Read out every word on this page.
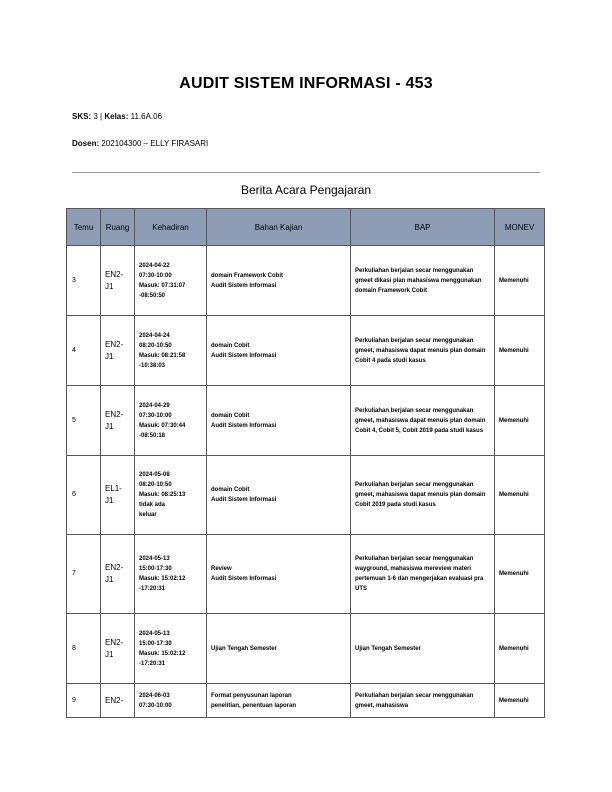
AUDIT SISTEM INFORMASI - 453
SKS: 3 | Kelas: 11.6A.06
Dosen: 202104300 – ELLY FIRASARI
Berita Acara Pengajaran
Temu	Ruang	Kehadiran	Bahan Kajian	BAP	MONEV
3	EN2-J1	2024-04-22
07:30-10:00
Masuk: 07:31:07
-08:50:50	domain Framework Cobit
Audit Sistem Informasi	Perkuliahan berjalan secar menggunakan gmeet dikasi plan mahasiswa menggunakan domain Framework Cobit	Memenuhi
4	EN2-J1	2024-04-24
08:20-10:50
Masuk: 08:21:58
-10:38:03	domain Cobit
Audit Sistem Informasi	Perkuliahan berjalan secar menggunakan gmeet, mahasiswa dapat menuis plan domain Cobit 4 pada studi kasus	Memenuhi
5	EN2-J1	2024-04-29
07:30-10:00
Masuk: 07:30:44
-08:50:18	domain Cobit
Audit Sistem Informasi	Perkuliahan berjalan secar menggunakan gmeet, mahasiswa dapat menuis plan domain Cobit 4, Cobit 5, Cobit 2019 pada studi kasus	Memenuhi
6	EL1-J1	2024-05-08
08:20-10:50
Masuk: 08:25:13
tidak ada
keluar	domain Cobit
Audit Sistem Informasi	Perkuliahan berjalan secar menggunakan gmeet, mahasiswa dapat menuis plan domain Cobit 2019 pada studi kasus	Memenuhi
7	EN2-J1	2024-05-13
15:00-17:30
Masuk: 15:02:12
-17:20:31	Review
Audit Sistem Informasi	Perkuliahan berjalan secar menggunakan wayground, mahasiswa mereview materi pertemuan 1-6 dan mengerjakan evaluasi pra UTS	Memenuhi
8	EN2-J1	2024-05-13
15:00-17:30
Masuk: 15:02:12
-17:20:31	Ujian Tengah Semester	Ujian Tengah Semester	Memenuhi
9	EN2-	2024-06-03
07:30-10:00	Format penyusunan laporan
penelitian, penentuan laporan	Perkuliahan berjalan secar menggunakan gmeet, mahasiswa	Memenuhi
